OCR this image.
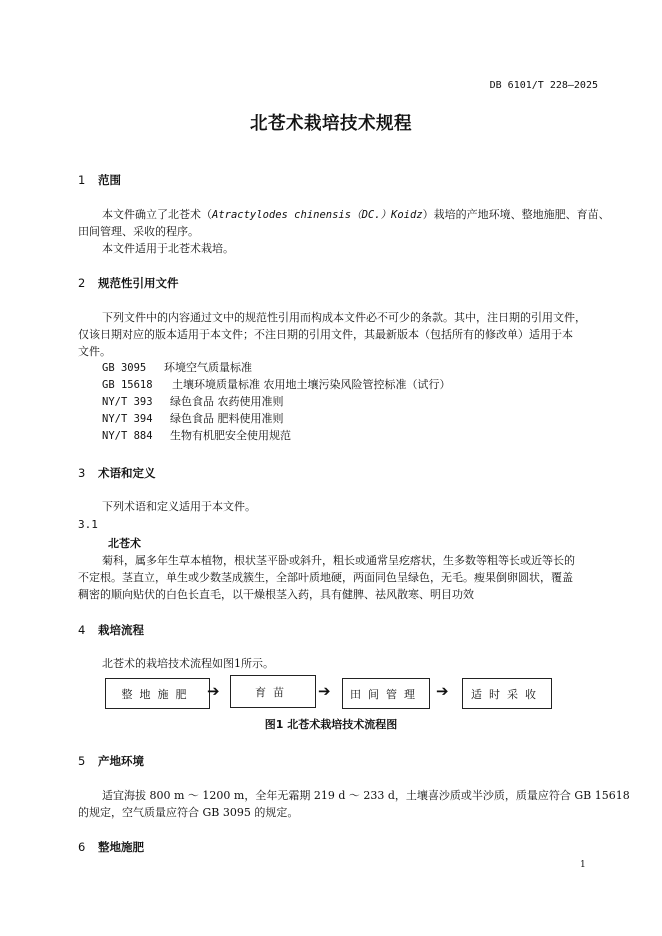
DB 6101/T 228—2025
北苍术栽培技术规程
1 范围
本文件确立了北苍术（Atractylodes chinensis（DC.）Koidz）栽培的产地环境、整地施肥、育苗、
田间管理、采收的程序。
本文件适用于北苍术栽培。
2 规范性引用文件
下列文件中的内容通过文中的规范性引用而构成本文件必不可少的条款。其中，注日期的引用文件，
仅该日期对应的版本适用于本文件；不注日期的引用文件，其最新版本（包括所有的修改单）适用于本
文件。
GB 3095 环境空气质量标准
GB 15618 土壤环境质量标准 农用地土壤污染风险管控标准（试行）
NY/T 393 绿色食品 农药使用准则
NY/T 394 绿色食品 肥料使用准则
NY/T 884 生物有机肥安全使用规范
3 术语和定义
下列术语和定义适用于本文件。
3.1
北苍术
菊科，属多年生草本植物，根状茎平卧或斜升，粗长或通常呈疙瘩状，生多数等粗等长或近等长的
不定根。茎直立，单生或少数茎成簇生，全部叶质地硬，两面同色呈绿色，无毛。瘦果倒卵圆状，覆盖
稠密的顺向贴伏的白色长直毛，以干燥根茎入药，具有健脾、祛风散寒、明目功效
4 栽培流程
北苍术的栽培技术流程如图1所示。
整地施肥 ➔	育苗 ➔ 田间管理 ➔ 适时采收
图1 北苍术栽培技术流程图
5 产地环境
适宜海拔 800 m ～ 1200 m，全年无霜期 219 d ～ 233 d，土壤喜沙质或半沙质，质量应符合 GB 15618
的规定，空气质量应符合 GB 3095 的规定。
6 整地施肥
1
